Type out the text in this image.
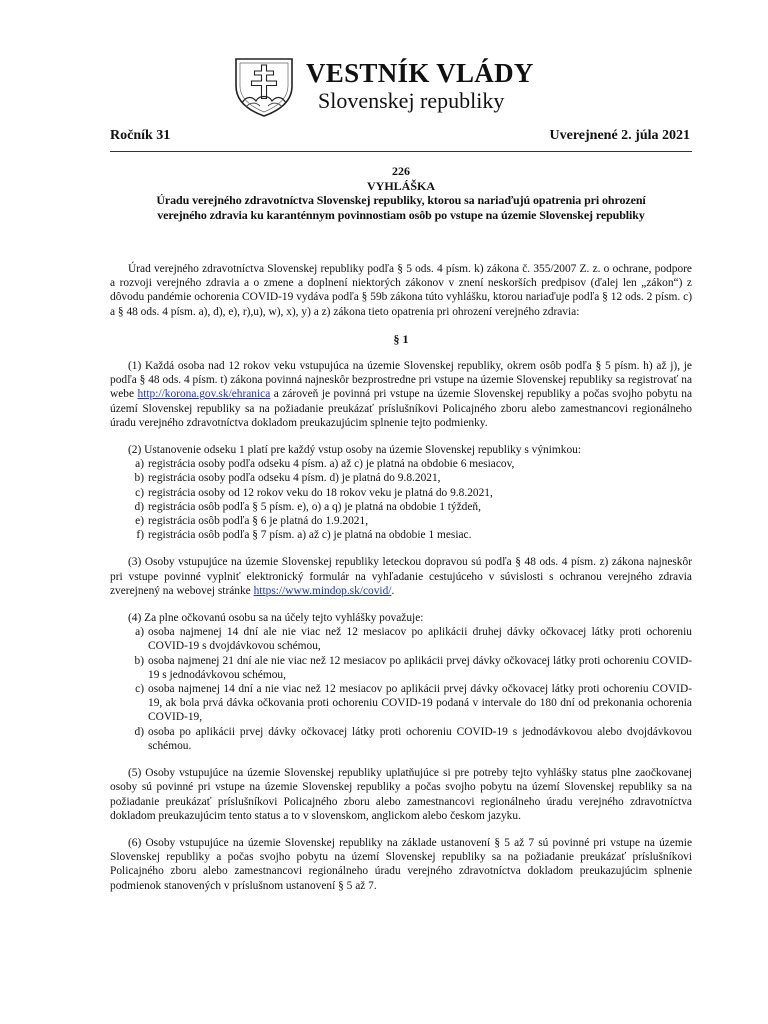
VESTNÍK VLÁDY
Slovenskej republiky
Ročník 31	Uverejnené 2. júla 2021
226
VYHLÁŠKA
Úradu verejného zdravotníctva Slovenskej republiky, ktorou sa nariaďujú opatrenia pri ohrození
verejného zdravia ku karanténnym povinnostiam osôb po vstupe na územie Slovenskej republiky

Úrad verejného zdravotníctva Slovenskej republiky podľa § 5 ods. 4 písm. k) zákona č. 355/2007 Z. z. o ochrane, podpore a rozvoji verejného zdravia a o zmene a doplnení niektorých zákonov v znení neskorších predpisov (ďalej len „zákon“) z dôvodu pandémie ochorenia COVID-19 vydáva podľa § 59b zákona túto vyhlášku, ktorou nariaďuje podľa § 12 ods. 2 písm. c) a § 48 ods. 4 písm. a), d), e), r),u), w), x), y) a z) zákona tieto opatrenia pri ohrození verejného zdravia:

§ 1

(1) Každá osoba nad 12 rokov veku vstupujúca na územie Slovenskej republiky, okrem osôb podľa § 5 písm. h) až j), je podľa § 48 ods. 4 písm. t) zákona povinná najneskôr bezprostredne pri vstupe na územie Slovenskej republiky sa registrovať na webe http://korona.gov.sk/ehranica a zároveň je povinná pri vstupe na územie Slovenskej republiky a počas svojho pobytu na území Slovenskej republiky sa na požiadanie preukázať príslušníkovi Policajného zboru alebo zamestnancovi regionálneho úradu verejného zdravotníctva dokladom preukazujúcim splnenie tejto podmienky.

(2) Ustanovenie odseku 1 platí pre každý vstup osoby na územie Slovenskej republiky s výnimkou:

a) registrácia osoby podľa odseku 4 písm. a) až c) je platná na obdobie 6 mesiacov,
b) registrácia osoby podľa odseku 4 písm. d) je platná do 9.8.2021,
c) registrácia osoby od 12 rokov veku do 18 rokov veku je platná do 9.8.2021,
d) registrácia osôb podľa § 5 písm. e), o) a q) je platná na obdobie 1 týždeň,
e) registrácia osôb podľa § 6 je platná do 1.9.2021,
f) registrácia osôb podľa § 7 písm. a) až c) je platná na obdobie 1 mesiac.

(3) Osoby vstupujúce na územie Slovenskej republiky leteckou dopravou sú podľa § 48 ods. 4 písm. z) zákona najneskôr pri vstupe povinné vyplniť elektronický formulár na vyhľadanie cestujúceho v súvislosti s ochranou verejného zdravia zverejnený na webovej stránke https://www.mindop.sk/covid/.

(4) Za plne očkovanú osobu sa na účely tejto vyhlášky považuje:

a) osoba najmenej 14 dní ale nie viac než 12 mesiacov po aplikácii druhej dávky očkovacej látky proti ochoreniu COVID-19 s dvojdávkovou schémou,
b) osoba najmenej 21 dní ale nie viac než 12 mesiacov po aplikácii prvej dávky očkovacej látky proti ochoreniu COVID-19 s jednodávkovou schémou,
c) osoba najmenej 14 dní a nie viac než 12 mesiacov po aplikácii prvej dávky očkovacej látky proti ochoreniu COVID-19, ak bola prvá dávka očkovania proti ochoreniu COVID-19 podaná v intervale do 180 dní od prekonania ochorenia COVID-19,
d) osoba po aplikácii prvej dávky očkovacej látky proti ochoreniu COVID-19 s jednodávkovou alebo dvojdávkovou schémou.

(5) Osoby vstupujúce na územie Slovenskej republiky uplatňujúce si pre potreby tejto vyhlášky status plne zaočkovanej osoby sú povinné pri vstupe na územie Slovenskej republiky a počas svojho pobytu na území Slovenskej republiky sa na požiadanie preukázať príslušníkovi Policajného zboru alebo zamestnancovi regionálneho úradu verejného zdravotníctva dokladom preukazujúcim tento status a to v slovenskom, anglickom alebo českom jazyku.

(6) Osoby vstupujúce na územie Slovenskej republiky na základe ustanovení § 5 až 7 sú povinné pri vstupe na územie Slovenskej republiky a počas svojho pobytu na území Slovenskej republiky sa na požiadanie preukázať príslušníkovi Policajného zboru alebo zamestnancovi regionálneho úradu verejného zdravotníctva dokladom preukazujúcim splnenie podmienok stanovených v príslušnom ustanovení § 5 až 7.
